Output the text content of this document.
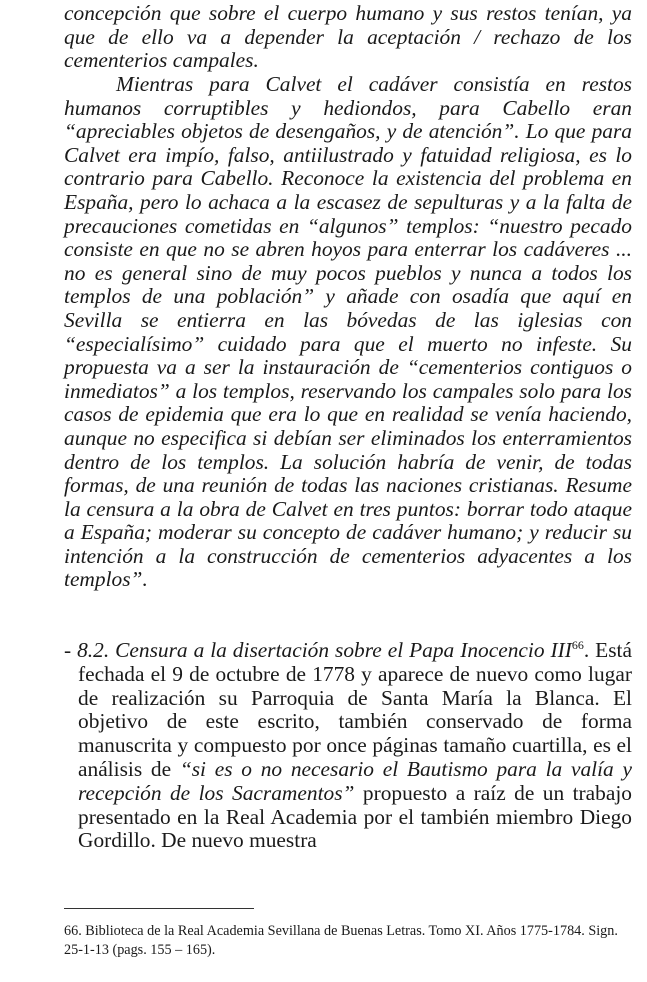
concepción que sobre el cuerpo humano y sus restos tenían, ya que de ello va a depender la aceptación / rechazo de los cementerios campales.

Mientras para Calvet el cadáver consistía en restos humanos corruptibles y hediondos, para Cabello eran “apreciables objetos de desengaños, y de atención”. Lo que para Calvet era impío, falso, antiilustrado y fatuidad religiosa, es lo contrario para Cabello. Reconoce la existencia del problema en España, pero lo achaca a la escasez de sepulturas y a la falta de precauciones cometidas en “algunos” templos: “nuestro pecado consiste en que no se abren hoyos para enterrar los cadáveres ... no es general sino de muy pocos pueblos y nunca a todos los templos de una población” y añade con osadía que aquí en Sevilla se entierra en las bóvedas de las iglesias con “especialísimo” cuidado para que el muerto no infeste. Su propuesta va a ser la instauración de “cementerios contiguos o inmediatos” a los templos, reservando los campales solo para los casos de epidemia que era lo que en realidad se venía haciendo, aunque no especifica si debían ser eliminados los enterramientos dentro de los templos. La solución habría de venir, de todas formas, de una reunión de todas las naciones cristianas. Resume la censura a la obra de Calvet en tres puntos: borrar todo ataque a España; moderar su concepto de cadáver humano; y reducir su intención a la construcción de cementerios adyacentes a los templos”.

- 8.2. Censura a la disertación sobre el Papa Inocencio III$^{66}$. Está fechada el 9 de octubre de 1778 y aparece de nuevo como lugar de realización su Parroquia de Santa María la Blanca. El objetivo de este escrito, también conservado de forma manuscrita y compuesto por once páginas tamaño cuartilla, es el análisis de “si es o no necesario el Bautismo para la valía y recepción de los Sacramentos” propuesto a raíz de un trabajo presentado en la Real Academia por el también miembro Diego Gordillo. De nuevo muestra

66. Biblioteca de la Real Academia Sevillana de Buenas Letras. Tomo XI. Años 1775-1784. Sign. 25-1-13 (pags. 155 – 165).
